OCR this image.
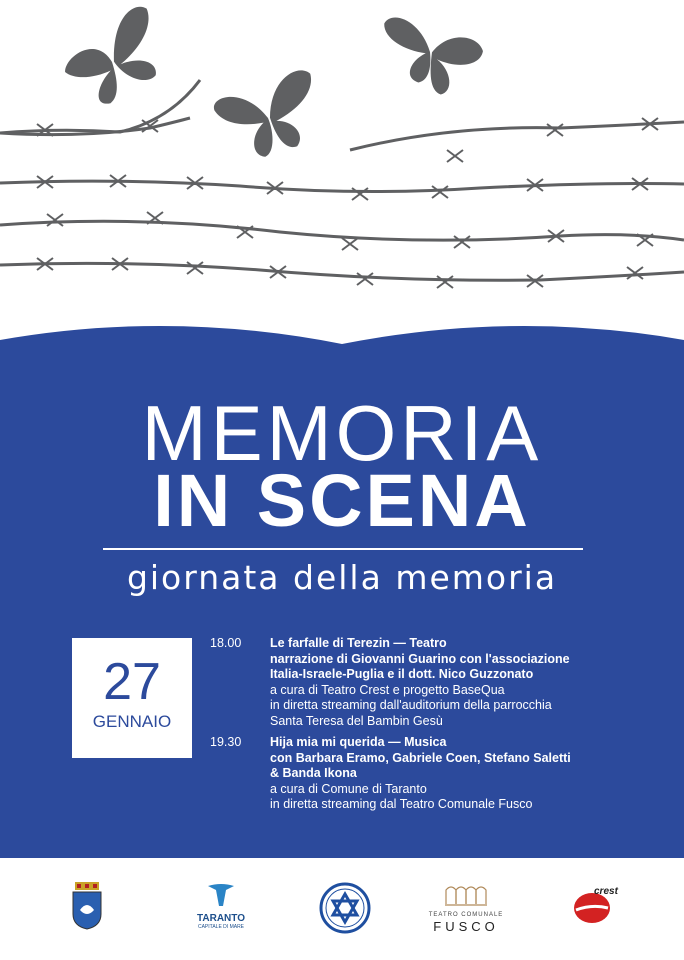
MEMORIA
IN SCENA
giornata della memoria
27
GENNAIO
18.00	Le farfalle di Terezin — Teatro
narrazione di Giovanni Guarino con l'associazione
Italia-Israele-Puglia e il dott. Nico Guzzonato
a cura di Teatro Crest e progetto BaseQua
in diretta streaming dall'auditorium della parrocchia
Santa Teresa del Bambin Gesù
19.30	Hija mia mi querida — Musica
con Barbara Eramo, Gabriele Coen, Stefano Saletti
& Banda Ikona
a cura di Comune di Taranto
in diretta streaming dal Teatro Comunale Fusco
TARANTO
CAPITALE DI MARE
TEATRO COMUNALE
FUSCO
crest
